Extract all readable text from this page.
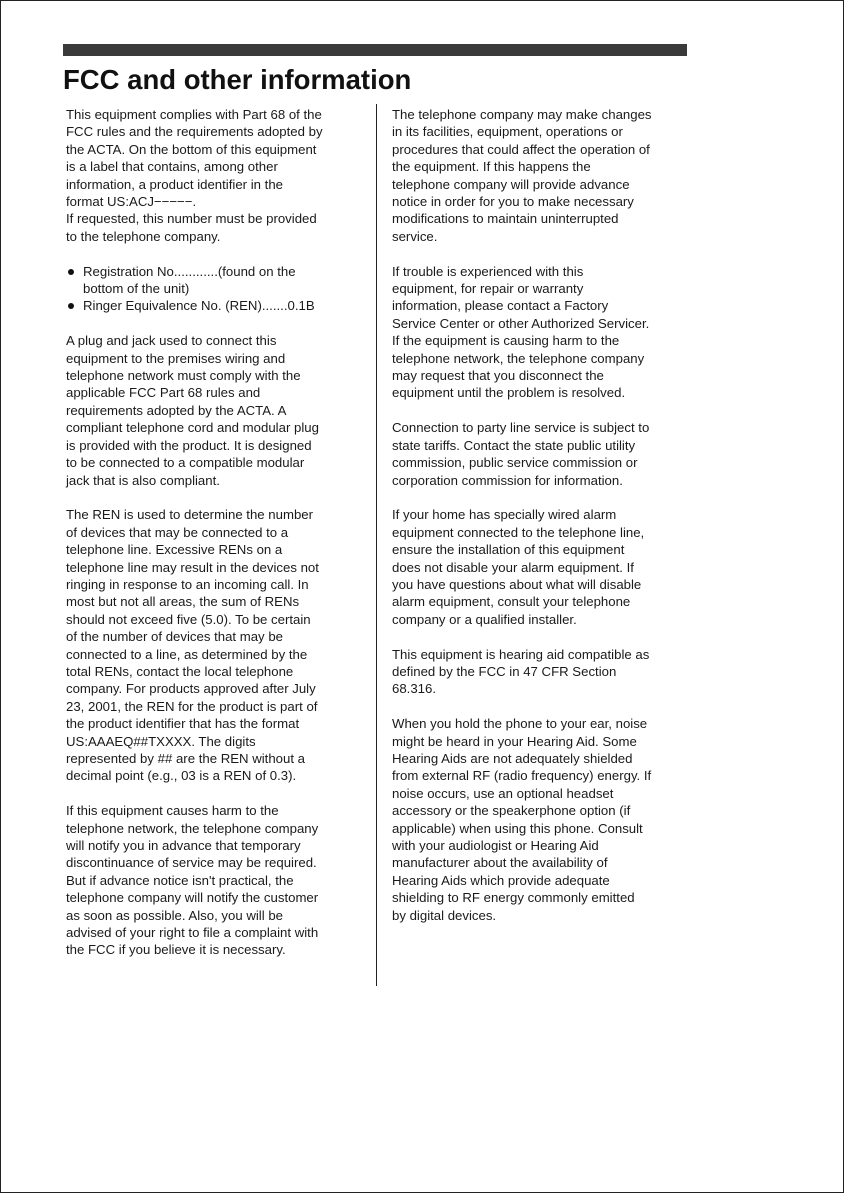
FCC and other information

This equipment complies with Part 68 of the
FCC rules and the requirements adopted by
the ACTA. On the bottom of this equipment
is a label that contains, among other
information, a product identifier in the
format US:ACJ−−−−−.
If requested, this number must be provided
to the telephone company.

Registration No............(found on the
bottom of the unit)
Ringer Equivalence No. (REN).......0.1B

A plug and jack used to connect this
equipment to the premises wiring and
telephone network must comply with the
applicable FCC Part 68 rules and
requirements adopted by the ACTA. A
compliant telephone cord and modular plug
is provided with the product. It is designed
to be connected to a compatible modular
jack that is also compliant.

The REN is used to determine the number
of devices that may be connected to a
telephone line. Excessive RENs on a
telephone line may result in the devices not
ringing in response to an incoming call. In
most but not all areas, the sum of RENs
should not exceed five (5.0). To be certain
of the number of devices that may be
connected to a line, as determined by the
total RENs, contact the local telephone
company. For products approved after July
23, 2001, the REN for the product is part of
the product identifier that has the format
US:AAAEQ##TXXXX. The digits
represented by ## are the REN without a
decimal point (e.g., 03 is a REN of 0.3).

If this equipment causes harm to the
telephone network, the telephone company
will notify you in advance that temporary
discontinuance of service may be required.
But if advance notice isn't practical, the
telephone company will notify the customer
as soon as possible. Also, you will be
advised of your right to file a complaint with
the FCC if you believe it is necessary.

The telephone company may make changes
in its facilities, equipment, operations or
procedures that could affect the operation of
the equipment. If this happens the
telephone company will provide advance
notice in order for you to make necessary
modifications to maintain uninterrupted
service.

If trouble is experienced with this
equipment, for repair or warranty
information, please contact a Factory
Service Center or other Authorized Servicer.
If the equipment is causing harm to the
telephone network, the telephone company
may request that you disconnect the
equipment until the problem is resolved.

Connection to party line service is subject to
state tariffs. Contact the state public utility
commission, public service commission or
corporation commission for information.

If your home has specially wired alarm
equipment connected to the telephone line,
ensure the installation of this equipment
does not disable your alarm equipment. If
you have questions about what will disable
alarm equipment, consult your telephone
company or a qualified installer.

This equipment is hearing aid compatible as
defined by the FCC in 47 CFR Section
68.316.

When you hold the phone to your ear, noise
might be heard in your Hearing Aid. Some
Hearing Aids are not adequately shielded
from external RF (radio frequency) energy. If
noise occurs, use an optional headset
accessory or the speakerphone option (if
applicable) when using this phone. Consult
with your audiologist or Hearing Aid
manufacturer about the availability of
Hearing Aids which provide adequate
shielding to RF energy commonly emitted
by digital devices.
